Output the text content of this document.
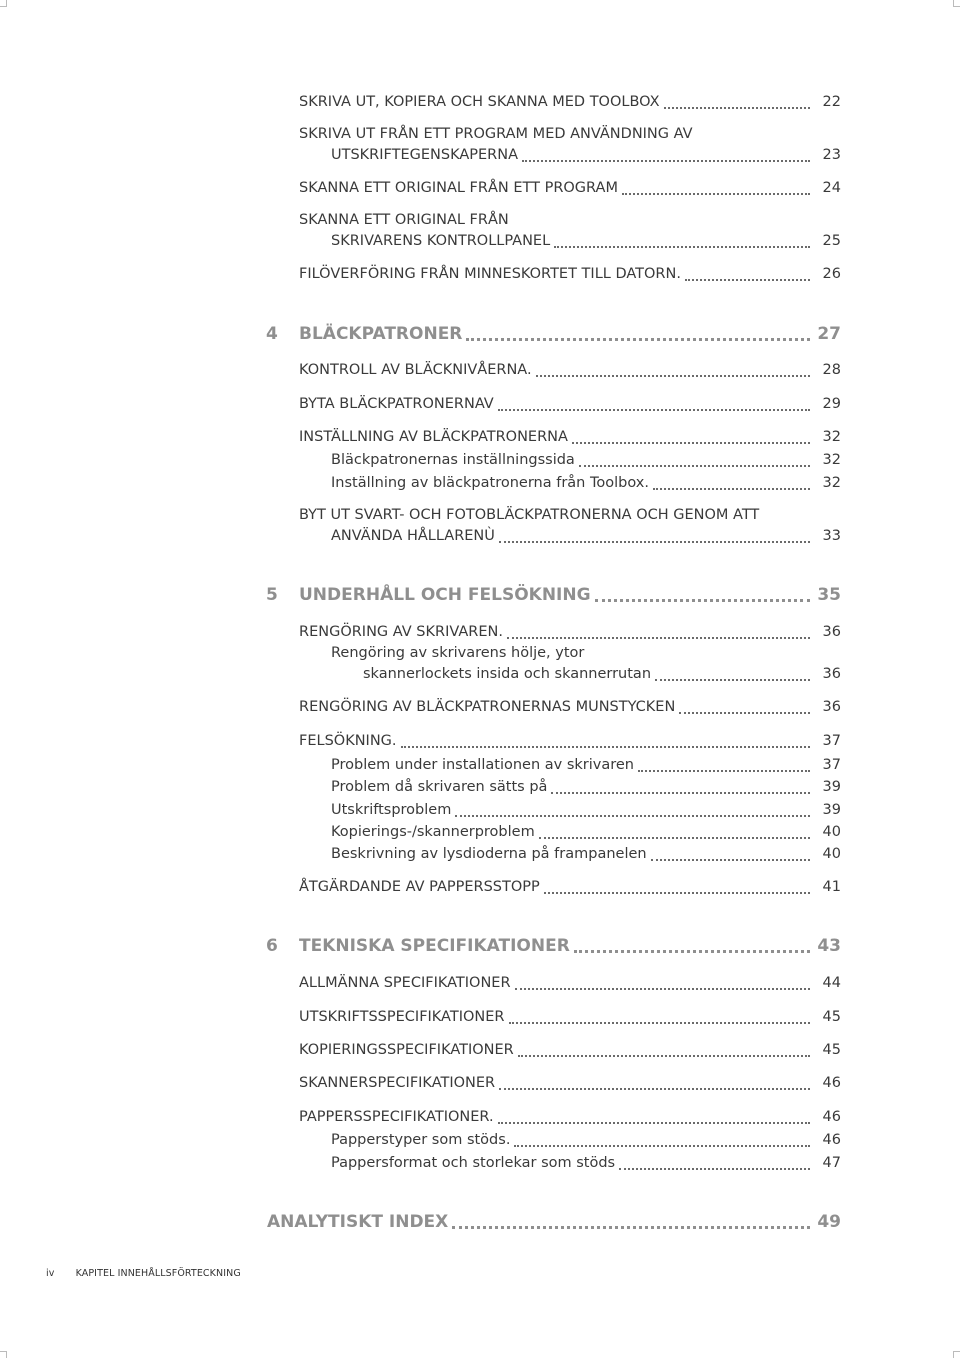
SKRIVA UT, KOPIERA OCH SKANNA MED TOOLBOX	22
SKRIVA UT FRÅN ETT PROGRAM MED ANVÄNDNING AV
UTSKRIFTEGENSKAPERNA	23
SKANNA ETT ORIGINAL FRÅN ETT PROGRAM	24
SKANNA ETT ORIGINAL FRÅN
SKRIVARENS KONTROLLPANEL	25
FILÖVERFÖRING FRÅN MINNESKORTET TILL DATORN.	26
4 BLÄCKPATRONER	27
KONTROLL AV BLÄCKNIVÅERNA.	28
BYTA BLÄCKPATRONERNAV	29
INSTÄLLNING AV BLÄCKPATRONERNA	32
Bläckpatronernas inställningssida	32
Inställning av bläckpatronerna från Toolbox.	32
BYT UT SVART- OCH FOTOBLÄCKPATRONERNA OCH GENOM ATT
ANVÄNDA HÅLLARENÙ	33
5 UNDERHÅLL OCH FELSÖKNING	35
RENGÖRING AV SKRIVAREN.	36
Rengöring av skrivarens hölje, ytor
skannerlockets insida och skannerrutan	36
RENGÖRING AV BLÄCKPATRONERNAS MUNSTYCKEN	36
FELSÖKNING.	37
Problem under installationen av skrivaren	37
Problem då skrivaren sätts på	39
Utskriftsproblem	39
Kopierings-/skannerproblem	40
Beskrivning av lysdioderna på frampanelen	40
ÅTGÄRDANDE AV PAPPERSSTOPP	41
6 TEKNISKA SPECIFIKATIONER	43
ALLMÄNNA SPECIFIKATIONER	44
UTSKRIFTSSPECIFIKATIONER	45
KOPIERINGSSPECIFIKATIONER	45
SKANNERSPECIFIKATIONER	46
PAPPERSSPECIFIKATIONER.	46
Papperstyper som stöds.	46
Pappersformat och storlekar som stöds	47
ANALYTISKT INDEX	49
iv KAPITEL INNEHÅLLSFÖRTECKNING
